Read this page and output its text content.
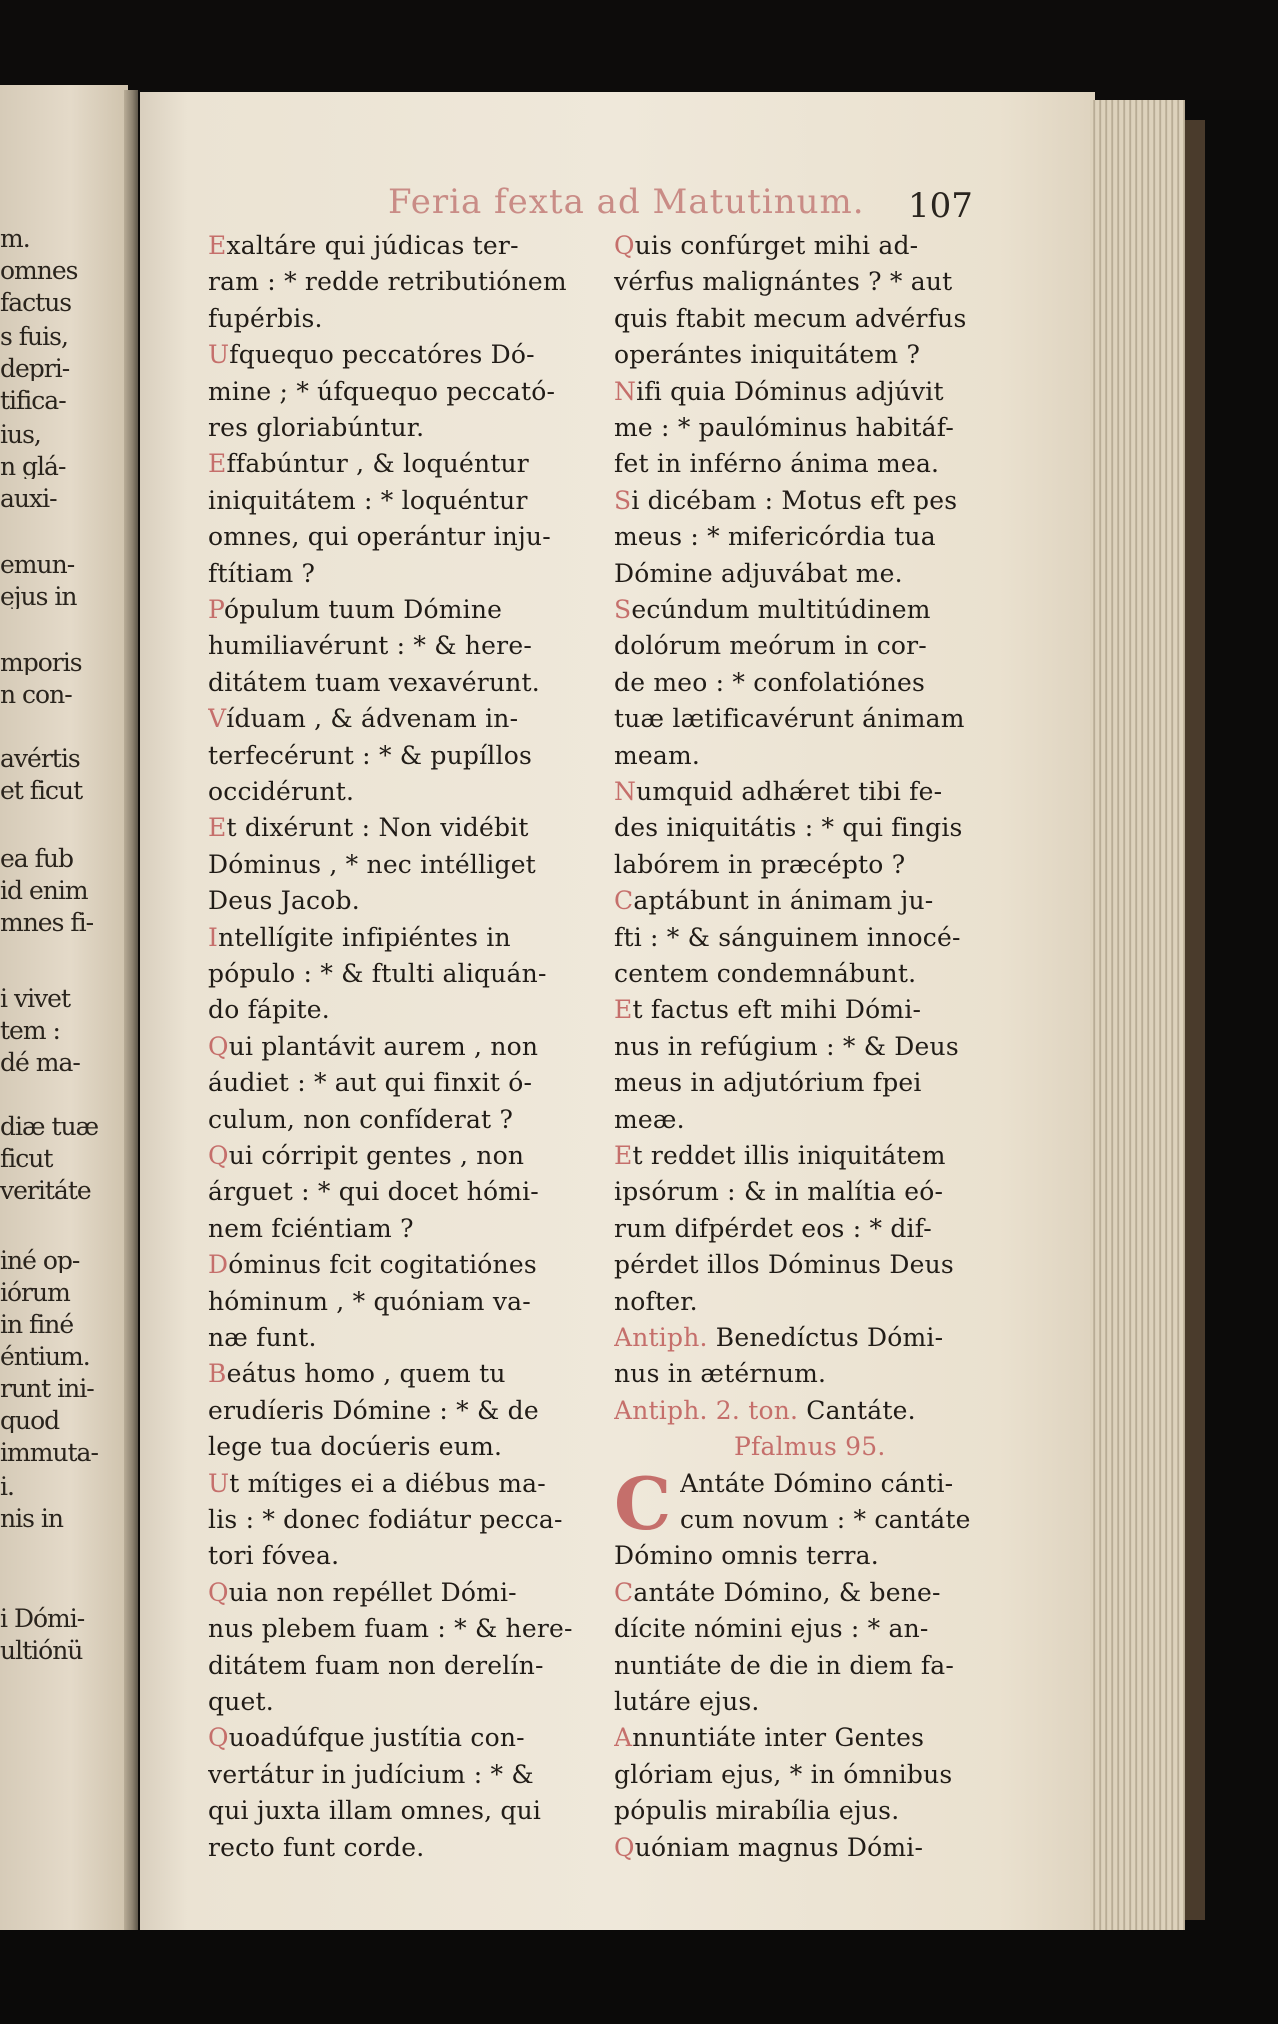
m.
omnes
factus
s fuis,
depri-
tifica-
ius,
n glá-
auxi-
emun-
ejus in
mporis
n con-
avértis
et ficut
ea fub
id enim
mnes fi-
i vivet
tem :
dé ma-
diæ tuæ
ficut
veritáte
iné op-
iórum
in finé
éntium.
runt ini-
quod
immuta-
i.
nis in
i Dómi-
ultiónü
Feria fexta ad Matutinum. 107
Exaltáre qui júdicas ter-
ram : * redde retributiónem
fupérbis.
Ufquequo peccatóres Dó-
mine ; * úfquequo peccató-
res gloriabúntur.
Effabúntur , & loquéntur
iniquitátem : * loquéntur
omnes, qui operántur inju-
ftítiam ?
Pópulum tuum Dómine
humiliavérunt : * & here-
ditátem tuam vexavérunt.
Víduam , & ádvenam in-
terfecérunt : * & pupíllos
occidérunt.
Et dixérunt : Non vidébit
Dóminus , * nec intélliget
Deus Jacob.
Intellígite infipiéntes in
pópulo : * & ftulti aliquán-
do fápite.
Qui plantávit aurem , non
áudiet : * aut qui finxit ó-
culum, non confíderat ?
Qui córripit gentes , non
árguet : * qui docet hómi-
nem fciéntiam ?
Dóminus fcit cogitatiónes
hóminum , * quóniam va-
næ funt.
Beátus homo , quem tu
erudíeris Dómine : * & de
lege tua docúeris eum.
Ut mítiges ei a diébus ma-
lis : * donec fodiátur pecca-
tori fóvea.
Quia non repéllet Dómi-
nus plebem fuam : * & here-
ditátem fuam non derelín-
quet.
Quoadúfque justítia con-
vertátur in judícium : * &
qui juxta illam omnes, qui
recto funt corde.
Quis confúrget mihi ad-
vérfus malignántes ? * aut
quis ftabit mecum advérfus
operántes iniquitátem ?
Nifi quia Dóminus adjúvit
me : * paulóminus habitáf-
fet in inférno ánima mea.
Si dicébam : Motus eft pes
meus : * mifericórdia tua
Dómine adjuvábat me.
Secúndum multitúdinem
dolórum meórum in cor-
de meo : * confolatiónes
tuæ lætificavérunt ánimam
meam.
Numquid adhǽret tibi fe-
des iniquitátis : * qui fingis
labórem in præcépto ?
Captábunt in ánimam ju-
fti : * & sánguinem innocé-
centem condemnábunt.
Et factus eft mihi Dómi-
nus in refúgium : * & Deus
meus in adjutórium fpei
meæ.
Et reddet illis iniquitátem
ipsórum : & in malítia eó-
rum difpérdet eos : * dif-
pérdet illos Dóminus Deus
nofter.
Antiph. Benedíctus Dómi-
nus in ætérnum.
Antiph. 2. ton. Cantáte.
Pfalmus 95.
C Antáte Dómino cánti-
cum novum : * cantáte
Dómino omnis terra.
Cantáte Dómino, & bene-
dícite nómini ejus : * an-
nuntiáte de die in diem fa-
lutáre ejus.
Annuntiáte inter Gentes
glóriam ejus, * in ómnibus
pópulis mirabília ejus.
Quóniam magnus Dómi-
